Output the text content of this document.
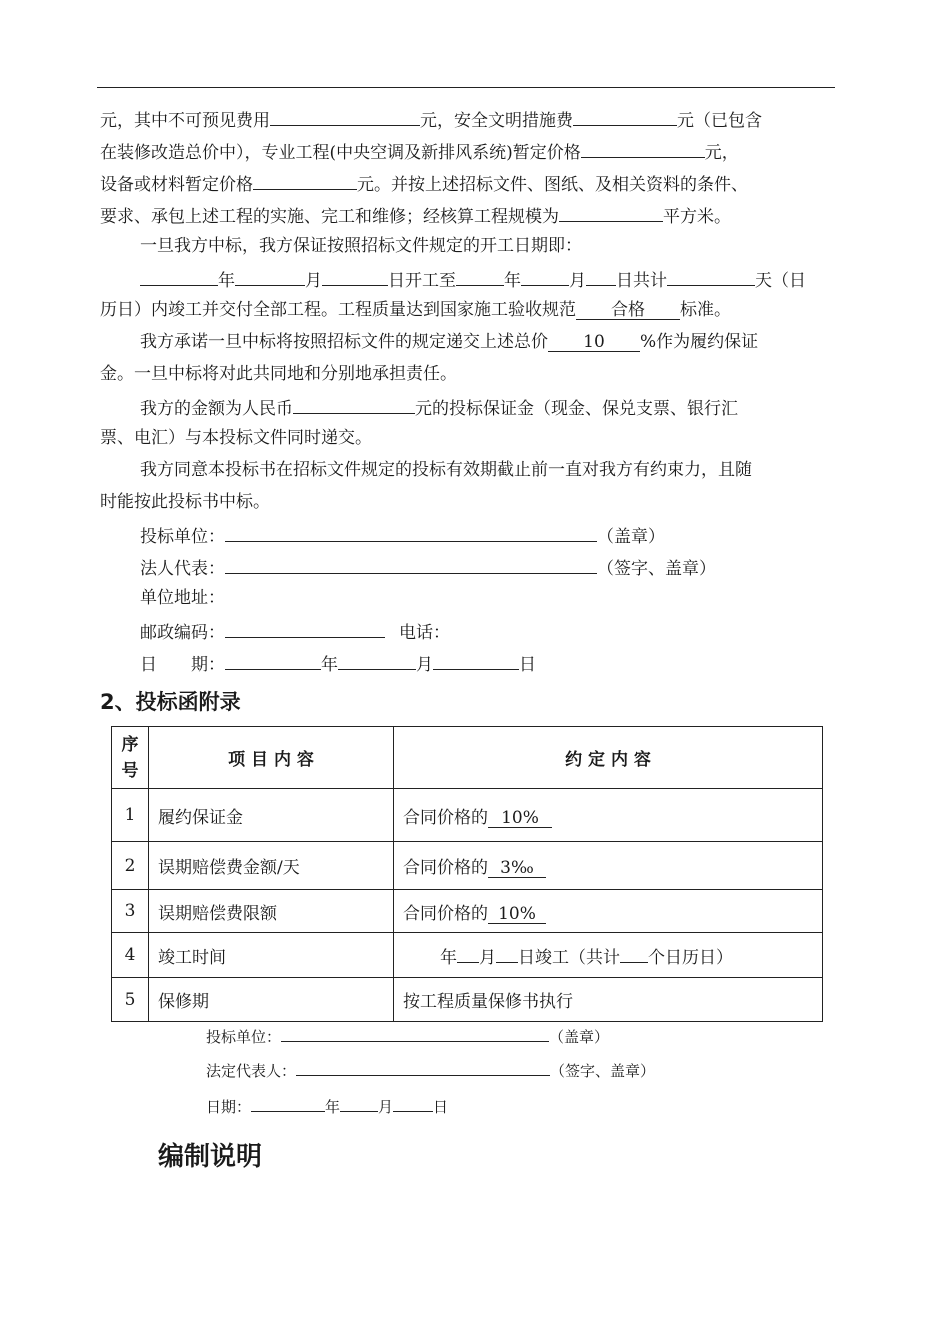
元，其中不可预见费用	元，安全文明措施费	元（已包含
在装修改造总价中），专业工程(中央空调及新排风系统)暂定价格	元，
设备或材料暂定价格	元。并按上述招标文件、图纸、及相关资料的条件、
要求、承包上述工程的实施、完工和维修；经核算工程规模为	平方米。
一旦我方中标，我方保证按照招标文件规定的开工日期即：
年	月	日开工至	年	月 日共计	天（日
历日）内竣工并交付全部工程。工程质量达到国家施工验收规范 合格 标准。
我方承诺一旦中标将按照招标文件的规定递交上述总价 10 %作为履约保证
金。一旦中标将对此共同地和分别地承担责任。
我方的金额为人民币	元的投标保证金（现金、保兑支票、银行汇
票、电汇）与本投标文件同时递交。
我方同意本投标书在招标文件规定的投标有效期截止前一直对我方有约束力，且随
时能按此投标书中标。
投标单位：	（盖章）
法人代表：	（签字、盖章）
单位地址：
邮政编码：	电话：
日　　期：	年	月	日
2、投标函附录
序号	项 目 内 容	约 定 内 容
1	履约保证金	合同价格的 10%
2	误期赔偿费金额/天	合同价格的 3‰
3	误期赔偿费限额	合同价格的 10%
4	竣工时间	年 月 日竣工（共计 个日历日）
5	保修期	按工程质量保修书执行
投标单位：	（盖章）
法定代表人：	（签字、盖章）
日期：	年	月	日
编制说明
